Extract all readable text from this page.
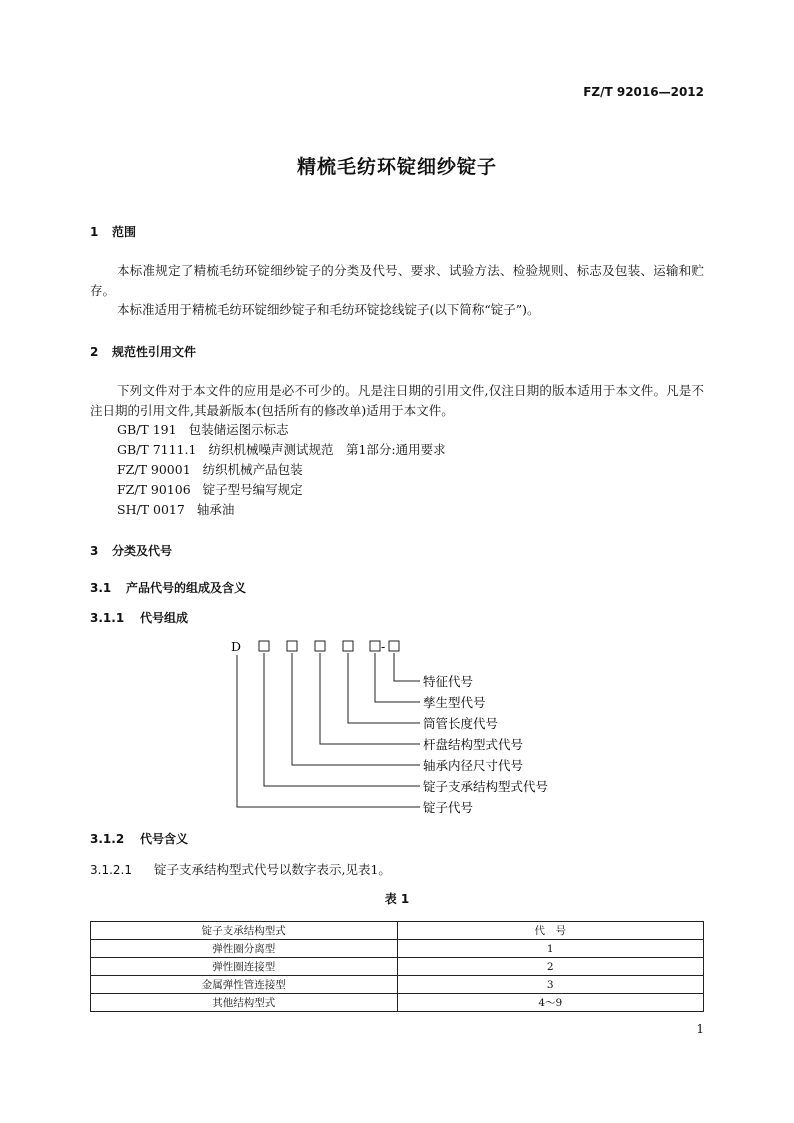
FZ/T 92016—2012
精梳毛纺环锭细纱锭子
1 范围
本标准规定了精梳毛纺环锭细纱锭子的分类及代号、要求、试验方法、检验规则、标志及包装、运输和贮存。
本标准适用于精梳毛纺环锭细纱锭子和毛纺环锭捻线锭子(以下简称“锭子”)。
2 规范性引用文件
下列文件对于本文件的应用是必不可少的。凡是注日期的引用文件,仅注日期的版本适用于本文件。凡是不注日期的引用文件,其最新版本(包括所有的修改单)适用于本文件。
GB/T 191 包装储运图示标志
GB/T 7111.1 纺织机械噪声测试规范　第1部分:通用要求
FZ/T 90001 纺织机械产品包装
FZ/T 90106 锭子型号编写规定
SH/T 0017 轴承油
3 分类及代号
3.1 产品代号的组成及含义
3.1.1 代号组成
D	-
特征代号
孳生型代号
筒管长度代号
杆盘结构型式代号
轴承内径尺寸代号
锭子支承结构型式代号
锭子代号
3.1.2 代号含义
3.1.2.1 锭子支承结构型式代号以数字表示,见表1。
表 1
锭子支承结构型式	代　号
弹性圈分离型	1
弹性圈连接型	2
金属弹性管连接型	3
其他结构型式	4～9
1
